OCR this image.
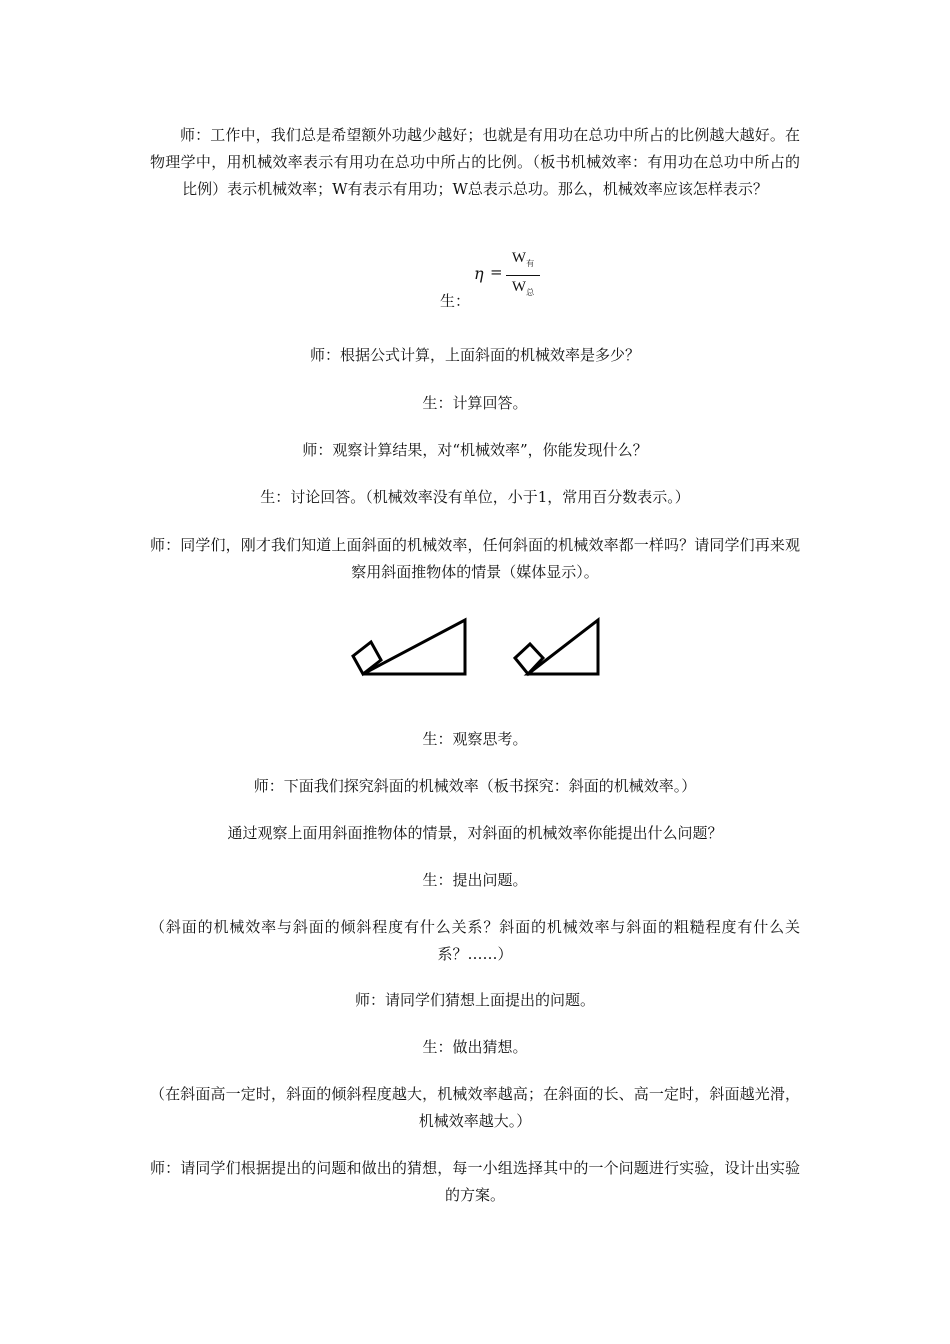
师：工作中，我们总是希望额外功越少越好；也就是有用功在总功中所占的比例越大越好。在物理学中，用机械效率表示有用功在总功中所占的比例。（板书机械效率：有用功在总功中所占的比例）表示机械效率；W有表示有用功；W总表示总功。那么，机械效率应该怎样表示？

生：
η =
$W_有$
$W_总$

师：根据公式计算，上面斜面的机械效率是多少？

生：计算回答。

师：观察计算结果，对“机械效率”，你能发现什么？

生：讨论回答。（机械效率没有单位，小于1，常用百分数表示。）

师：同学们，刚才我们知道上面斜面的机械效率，任何斜面的机械效率都一样吗？请同学们再来观察用斜面推物体的情景（媒体显示）。

生：观察思考。

师：下面我们探究斜面的机械效率（板书探究：斜面的机械效率。）

通过观察上面用斜面推物体的情景，对斜面的机械效率你能提出什么问题？

生：提出问题。

（斜面的机械效率与斜面的倾斜程度有什么关系？斜面的机械效率与斜面的粗糙程度有什么关系？……）

师：请同学们猜想上面提出的问题。

生：做出猜想。

（在斜面高一定时，斜面的倾斜程度越大，机械效率越高；在斜面的长、高一定时，斜面越光滑，机械效率越大。）

师：请同学们根据提出的问题和做出的猜想，每一小组选择其中的一个问题进行实验，设计出实验的方案。
